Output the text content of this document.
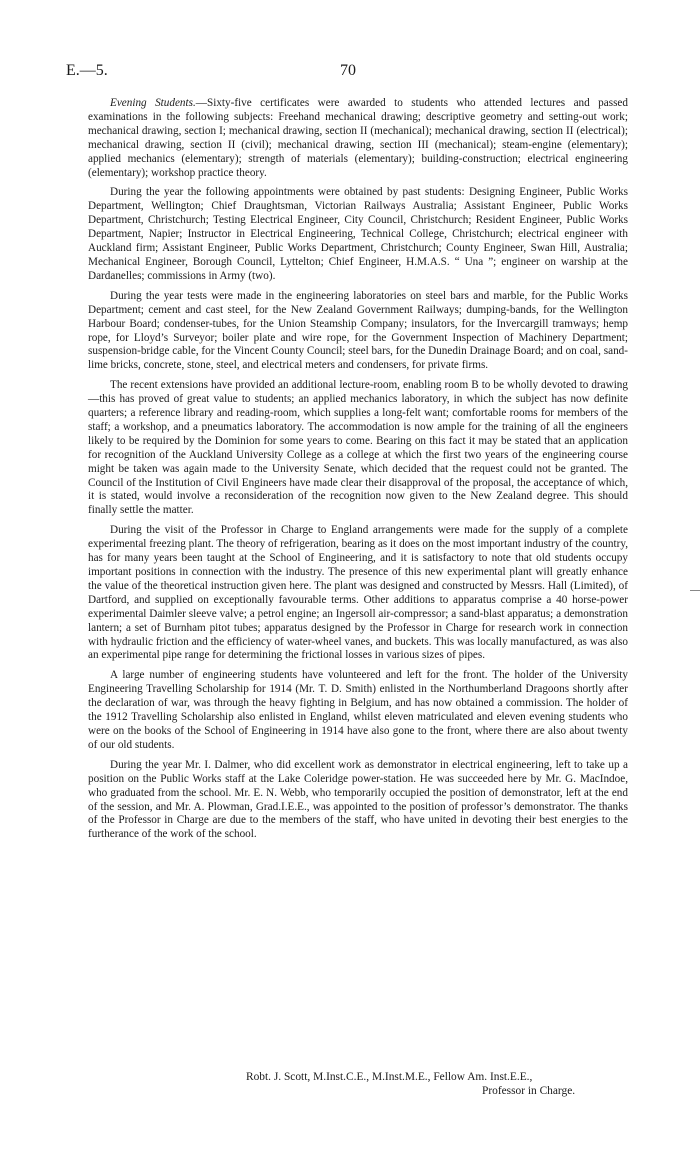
E.—5.	70

Evening Students.—Sixty-five certificates were awarded to students who attended lectures and passed examinations in the following subjects: Freehand mechanical drawing; descriptive geometry and setting-out work; mechanical drawing, section I; mechanical drawing, section II (mechanical); mechanical drawing, section II (electrical); mechanical drawing, section II (civil); mechanical drawing, section III (mechanical); steam-engine (elementary); applied mechanics (elementary); strength of materials (elementary); building-construction; electrical engineering (elementary); workshop practice theory.

During the year the following appointments were obtained by past students: Designing Engineer, Public Works Department, Wellington; Chief Draughtsman, Victorian Railways Australia; Assistant Engineer, Public Works Department, Christchurch; Testing Electrical Engineer, City Council, Christchurch; Resident Engineer, Public Works Department, Napier; Instructor in Electrical Engineering, Technical College, Christchurch; electrical engineer with Auckland firm; Assistant Engineer, Public Works Department, Christchurch; County Engineer, Swan Hill, Australia; Mechanical Engineer, Borough Council, Lyttelton; Chief Engineer, H.M.A.S. “ Una ”; engineer on warship at the Dardanelles; commissions in Army (two).

During the year tests were made in the engineering laboratories on steel bars and marble, for the Public Works Department; cement and cast steel, for the New Zealand Government Railways; dumping-bands, for the Wellington Harbour Board; condenser-tubes, for the Union Steamship Company; insulators, for the Invercargill tramways; hemp rope, for Lloyd’s Surveyor; boiler plate and wire rope, for the Government Inspection of Machinery Department; suspension-bridge cable, for the Vincent County Council; steel bars, for the Dunedin Drainage Board; and on coal, sand-lime bricks, concrete, stone, steel, and electrical meters and condensers, for private firms.

The recent extensions have provided an additional lecture-room, enabling room B to be wholly devoted to drawing—this has proved of great value to students; an applied mechanics laboratory, in which the subject has now definite quarters; a reference library and reading-room, which supplies a long-felt want; comfortable rooms for members of the staff; a workshop, and a pneumatics laboratory. The accommodation is now ample for the training of all the engineers likely to be required by the Dominion for some years to come. Bearing on this fact it may be stated that an application for recognition of the Auckland University College as a college at which the first two years of the engineering course might be taken was again made to the University Senate, which decided that the request could not be granted. The Council of the Institution of Civil Engineers have made clear their disapproval of the proposal, the acceptance of which, it is stated, would involve a reconsideration of the recognition now given to the New Zealand degree. This should finally settle the matter.

During the visit of the Professor in Charge to England arrangements were made for the supply of a complete experimental freezing plant. The theory of refrigeration, bearing as it does on the most important industry of the country, has for many years been taught at the School of Engineering, and it is satisfactory to note that old students occupy important positions in connection with the industry. The presence of this new experimental plant will greatly enhance the value of the theoretical instruction given here. The plant was designed and constructed by Messrs. Hall (Limited), of Dartford, and supplied on exceptionally favourable terms. Other additions to apparatus comprise a 40 horse-power experimental Daimler sleeve valve; a petrol engine; an Ingersoll air-compressor; a sand-blast apparatus; a demonstration lantern; a set of Burnham pitot tubes; apparatus designed by the Professor in Charge for research work in connection with hydraulic friction and the efficiency of water-wheel vanes, and buckets. This was locally manufactured, as was also an experimental pipe range for determining the frictional losses in various sizes of pipes.

A large number of engineering students have volunteered and left for the front. The holder of the University Engineering Travelling Scholarship for 1914 (Mr. T. D. Smith) enlisted in the Northumberland Dragoons shortly after the declaration of war, was through the heavy fighting in Belgium, and has now obtained a commission. The holder of the 1912 Travelling Scholarship also enlisted in England, whilst eleven matriculated and eleven evening students who were on the books of the School of Engineering in 1914 have also gone to the front, where there are also about twenty of our old students.

During the year Mr. I. Dalmer, who did excellent work as demonstrator in electrical engineering, left to take up a position on the Public Works staff at the Lake Coleridge power-station. He was succeeded here by Mr. G. MacIndoe, who graduated from the school. Mr. E. N. Webb, who temporarily occupied the position of demonstrator, left at the end of the session, and Mr. A. Plowman, Grad.I.E.E., was appointed to the position of professor’s demonstrator. The thanks of the Professor in Charge are due to the members of the staff, who have united in devoting their best energies to the furtherance of the work of the school.

Robt. J. Scott, M.Inst.C.E., M.Inst.M.E., Fellow Am. Inst.E.E.,
Professor in Charge.
